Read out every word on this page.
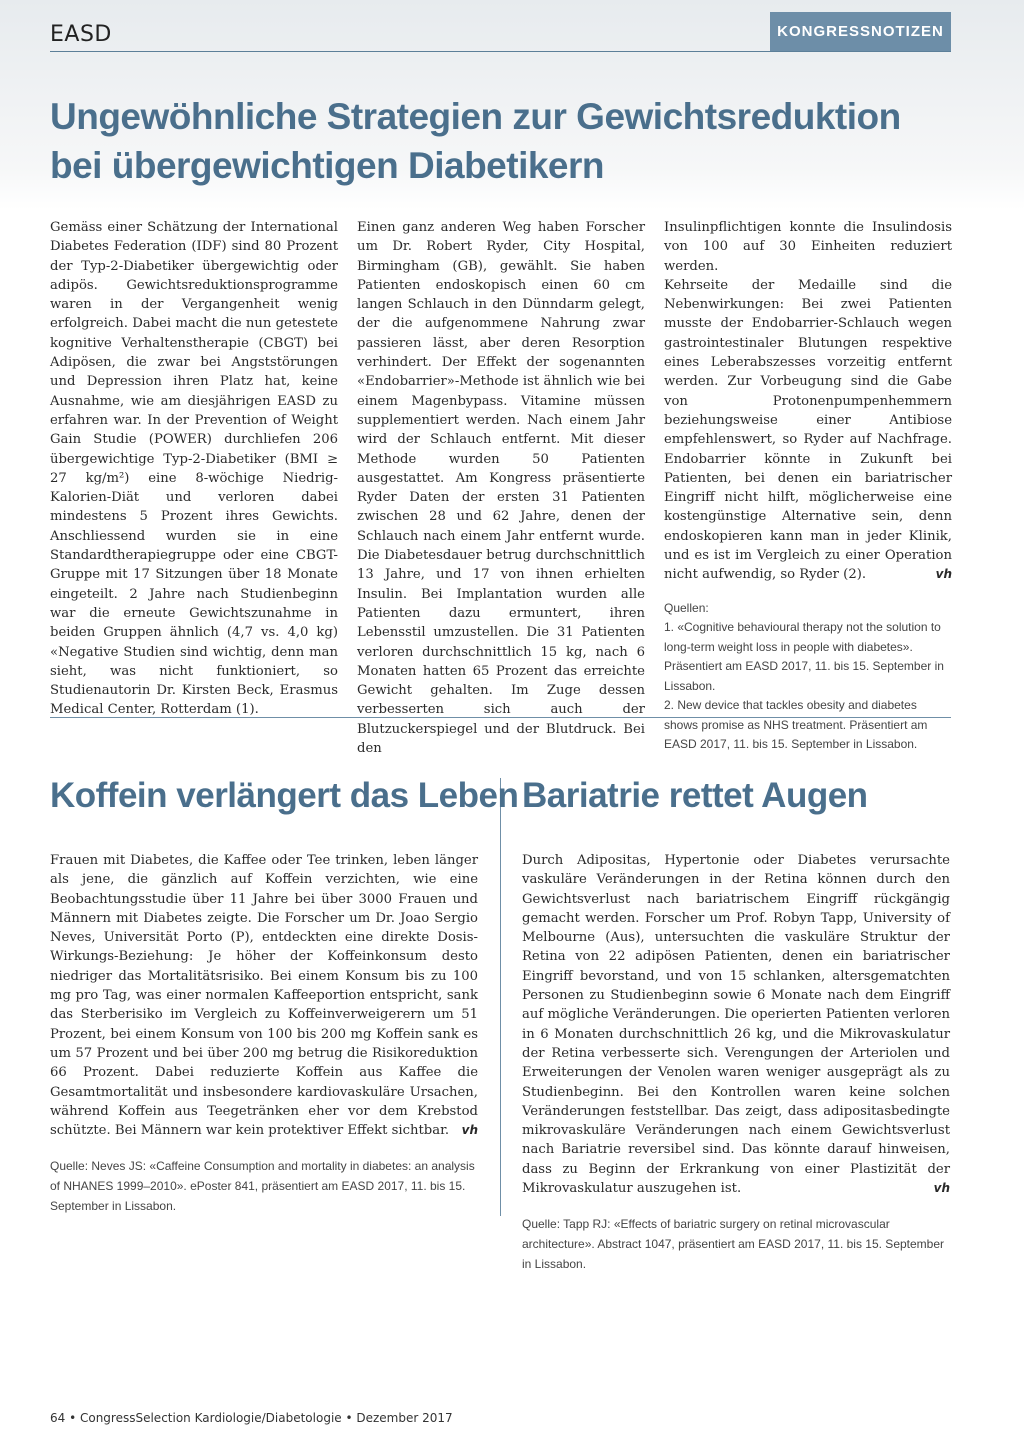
EASD	KONGRESSNOTIZEN
Ungewöhnliche Strategien zur Gewichtsreduktion
bei übergewichtigen Diabetikern

Gemäss einer Schätzung der International Diabetes Federation (IDF) sind 80 Prozent der Typ-2-Diabetiker übergewichtig oder adipös. Gewichtsreduktionsprogramme waren in der Vergangenheit wenig erfolgreich. Dabei macht die nun getestete kognitive Verhaltenstherapie (CBGT) bei Adipösen, die zwar bei Angststörungen und Depression ihren Platz hat, keine Ausnahme, wie am diesjährigen EASD zu erfahren war. In der Prevention of Weight Gain Studie (POWER) durchliefen 206 übergewichtige Typ-2-Diabetiker (BMI ≥ 27 kg/m²) eine 8-wöchige Niedrig-Kalorien-Diät und verloren dabei mindestens 5 Prozent ihres Gewichts. Anschliessend wurden sie in eine Standardtherapiegruppe oder eine CBGT-Gruppe mit 17 Sitzungen über 18 Monate eingeteilt. 2 Jahre nach Studienbeginn war die erneute Gewichtszunahme in beiden Gruppen ähnlich (4,7 vs. 4,0 kg) «Negative Studien sind wichtig, denn man sieht, was nicht funktioniert, so Studienautorin Dr. Kirsten Beck, Erasmus Medical Center, Rotterdam (1).

Einen ganz anderen Weg haben Forscher um Dr. Robert Ryder, City Hospital, Birmingham (GB), gewählt. Sie haben Patienten endoskopisch einen 60 cm langen Schlauch in den Dünndarm gelegt, der die aufgenommene Nahrung zwar passieren lässt, aber deren Resorption verhindert. Der Effekt der sogenannten «Endobarrier»-Methode ist ähnlich wie bei einem Magenbypass. Vitamine müssen supplementiert werden. Nach einem Jahr wird der Schlauch entfernt. Mit dieser Methode wurden 50 Patienten ausgestattet. Am Kongress präsentierte Ryder Daten der ersten 31 Patienten zwischen 28 und 62 Jahre, denen der Schlauch nach einem Jahr entfernt wurde. Die Diabetesdauer betrug durchschnittlich 13 Jahre, und 17 von ihnen erhielten Insulin. Bei Implantation wurden alle Patienten dazu ermuntert, ihren Lebensstil umzustellen. Die 31 Patienten verloren durchschnittlich 15 kg, nach 6 Monaten hatten 65 Prozent das erreichte Gewicht gehalten. Im Zuge dessen verbesserten sich auch der Blutzuckerspiegel und der Blutdruck. Bei den

Insulinpflichtigen konnte die Insulindosis von 100 auf 30 Einheiten reduziert werden.

Kehrseite der Medaille sind die Nebenwirkungen: Bei zwei Patienten musste der Endobarrier-Schlauch wegen gastrointestinaler Blutungen respektive eines Leberabszesses vorzeitig entfernt werden. Zur Vorbeugung sind die Gabe von Protonenpumpenhemmern beziehungsweise einer Antibiose empfehlenswert, so Ryder auf Nachfrage. Endobarrier könnte in Zukunft bei Patienten, bei denen ein bariatrischer Eingriff nicht hilft, möglicherweise eine kostengünstige Alternative sein, denn endoskopieren kann man in jeder Klinik, und es ist im Vergleich zu einer Operation nicht aufwendig, so Ryder (2).	vh

Quellen:
1. «Cognitive behavioural therapy not the solution to long-term weight loss in people with diabetes». Präsentiert am EASD 2017, 11. bis 15. September in Lissabon.
2. New device that tackles obesity and diabetes shows promise as NHS treatment. Präsentiert am EASD 2017, 11. bis 15. September in Lissabon.
Koffein verlängert das Leben Bariatrie rettet Augen

Frauen mit Diabetes, die Kaffee oder Tee trinken, leben länger als jene, die gänzlich auf Koffein verzichten, wie eine Beobachtungsstudie über 11 Jahre bei über 3000 Frauen und Männern mit Diabetes zeigte. Die Forscher um Dr. Joao Sergio Neves, Universität Porto (P), entdeckten eine direkte Dosis-Wirkungs-Beziehung: Je höher der Koffeinkonsum desto niedriger das Mortalitätsrisiko. Bei einem Konsum bis zu 100 mg pro Tag, was einer normalen Kaffeeportion entspricht, sank das Sterberisiko im Vergleich zu Koffeinverweigerern um 51 Prozent, bei einem Konsum von 100 bis 200 mg Koffein sank es um 57 Prozent und bei über 200 mg betrug die Risikoreduktion 66 Prozent. Dabei reduzierte Koffein aus Kaffee die Gesamtmortalität und insbesondere kardiovaskuläre Ursachen, während Koffein aus Teegetränken eher vor dem Krebstod schützte. Bei Männern war kein protektiver Effekt sichtbar. vh

Quelle: Neves JS: «Caffeine Consumption and mortality in diabetes: an analysis of NHANES 1999–2010». ePoster 841, präsentiert am EASD 2017, 11. bis 15. September in Lissabon.

Durch Adipositas, Hypertonie oder Diabetes verursachte vaskuläre Veränderungen in der Retina können durch den Gewichtsverlust nach bariatrischem Eingriff rückgängig gemacht werden. Forscher um Prof. Robyn Tapp, University of Melbourne (Aus), untersuchten die vaskuläre Struktur der Retina von 22 adipösen Patienten, denen ein bariatrischer Eingriff bevorstand, und von 15 schlanken, altersgematchten Personen zu Studienbeginn sowie 6 Monate nach dem Eingriff auf mögliche Veränderungen. Die operierten Patienten verloren in 6 Monaten durchschnittlich 26 kg, und die Mikrovaskulatur der Retina verbesserte sich. Verengungen der Arteriolen und Erweiterungen der Venolen waren weniger ausgeprägt als zu Studienbeginn. Bei den Kontrollen waren keine solchen Veränderungen feststellbar. Das zeigt, dass adipositasbedingte mikrovaskuläre Veränderungen nach einem Gewichtsverlust nach Bariatrie reversibel sind. Das könnte darauf hinweisen, dass zu Beginn der Erkrankung von einer Plastizität der Mikrovaskulatur auszugehen ist.	vh

Quelle: Tapp RJ: «Effects of bariatric surgery on retinal microvascular architecture». Abstract 1047, präsentiert am EASD 2017, 11. bis 15. September in Lissabon.
64 • CongressSelection Kardiologie/Diabetologie • Dezember 2017
